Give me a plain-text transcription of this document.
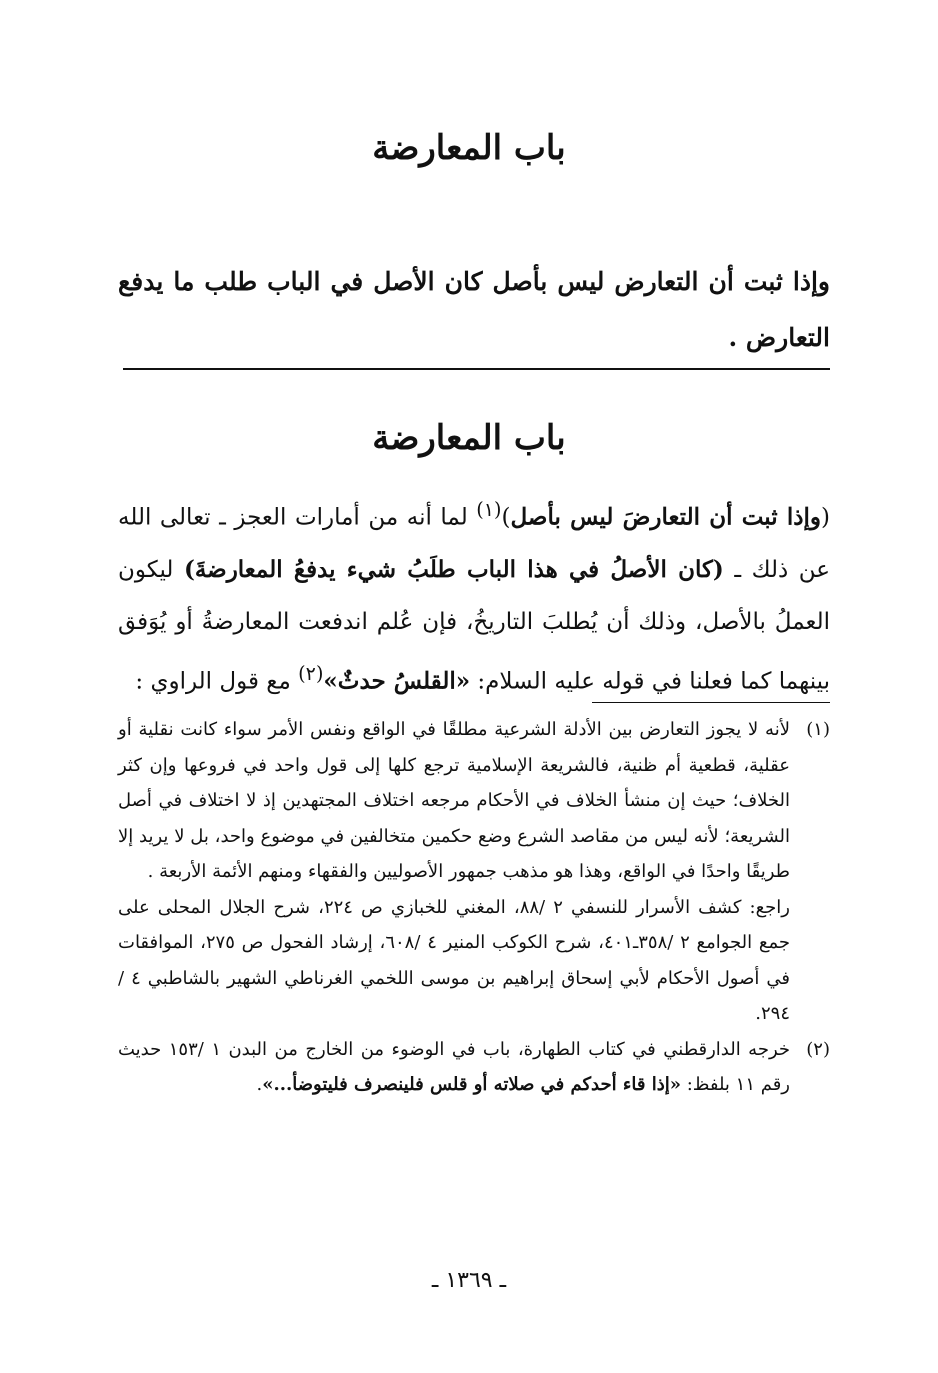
باب المعارضة
وإذا ثبت أن التعارض ليس بأصل كان الأصل في الباب طلب ما يدفع التعارض .
باب المعارضة
(وإذا ثبت أن التعارضَ ليس بأصل)$^{(١)}$ لما أنه من أمارات العجز ـ تعالى الله عن ذلك ـ (كان الأصلُ في هذا الباب طلَبُ شيء يدفعُ المعارضةَ) ليكون العملُ بالأصل، وذلك أن يُطلبَ التاريخُ، فإن عُلم اندفعت المعارضةُ أو يُوَفق بينهما كما فعلنا في قوله عليه السلام: «القلسُ حدثٌ»$^{(٢)}$ مع قول الراوي :
(١)
لأنه لا يجوز التعارض بين الأدلة الشرعية مطلقًا في الواقع ونفس الأمر سواء كانت نقلية أو عقلية، قطعية أم ظنية، فالشريعة الإسلامية ترجع كلها إلى قول واحد في فروعها وإن كثر الخلاف؛ حيث إن منشأ الخلاف في الأحكام مرجعه اختلاف المجتهدين إذ لا اختلاف في أصل الشريعة؛ لأنه ليس من مقاصد الشرع وضع حكمين متخالفين في موضوع واحد، بل لا يريد إلا طريقًا واحدًا في الواقع، وهذا هو مذهب جمهور الأصوليين والفقهاء ومنهم الأئمة الأربعة .
راجع: كشف الأسرار للنسفي ٢ /٨٨، المغني للخبازي ص ٢٢٤، شرح الجلال المحلى على جمع الجوامع ٢ /٣٥٨ـ٤٠١، شرح الكوكب المنير ٤ /٦٠٨، إرشاد الفحول ص ٢٧٥، الموافقات في أصول الأحكام لأبي إسحاق إبراهيم بن موسى اللخمي الغرناطي الشهير بالشاطبي ٤ /٢٩٤.
(٢)
خرجه الدارقطني في كتاب الطهارة، باب في الوضوء من الخارج من البدن ١ /١٥٣ حديث رقم ١١ بلفظ: «إذا قاء أحدكم في صلاته أو قلس فلينصرف فليتوضأ...».
ـ ١٣٦٩ ـ
